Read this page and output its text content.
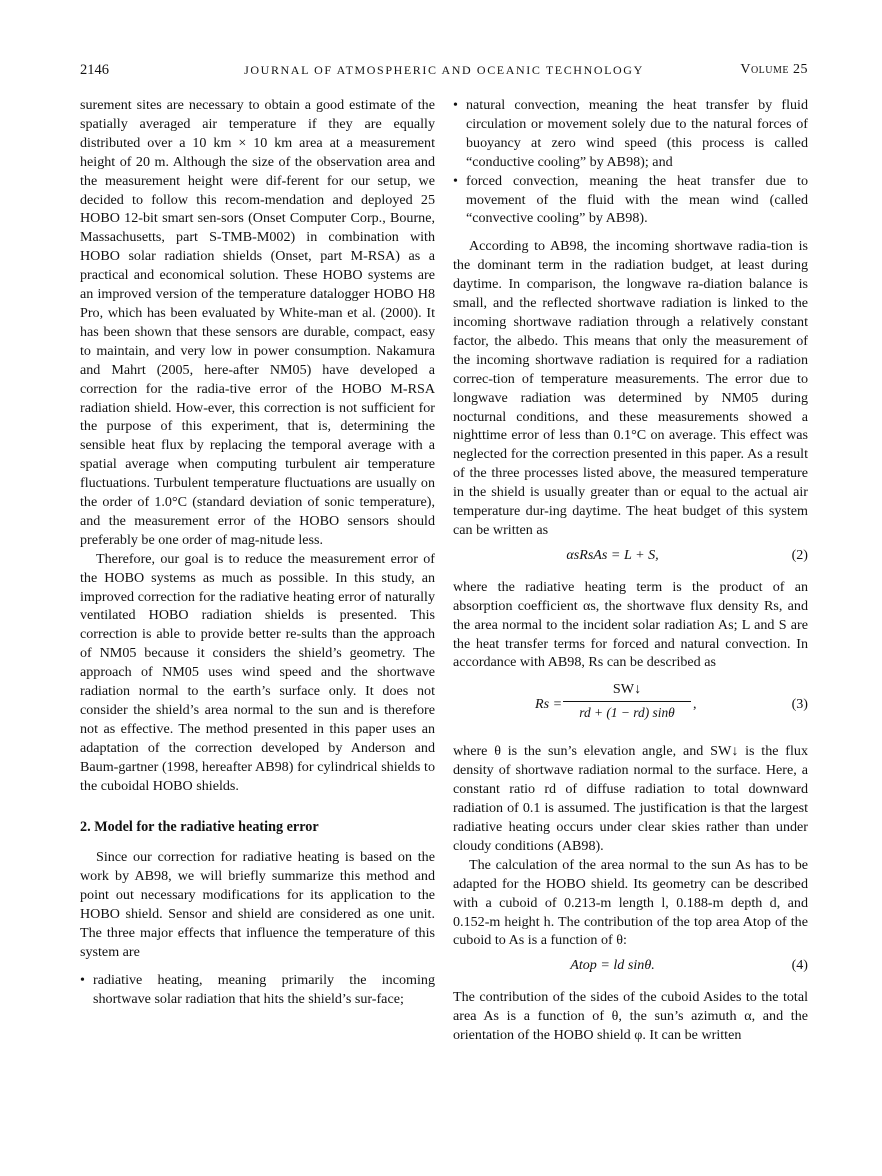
2146	JOURNAL OF ATMOSPHERIC AND OCEANIC TECHNOLOGY	Volume 25

surement sites are necessary to obtain a good estimate of the spatially averaged air temperature if they are equally distributed over a 10 km × 10 km area at a measurement height of 20 m. Although the size of the observation area and the measurement height were dif-ferent for our setup, we decided to follow this recom-mendation and deployed 25 HOBO 12-bit smart sen-sors (Onset Computer Corp., Bourne, Massachusetts, part S-TMB-M002) in combination with HOBO solar radiation shields (Onset, part M-RSA) as a practical and economical solution. These HOBO systems are an improved version of the temperature datalogger HOBO H8 Pro, which has been evaluated by White-man et al. (2000). It has been shown that these sensors are durable, compact, easy to maintain, and very low in power consumption. Nakamura and Mahrt (2005, here-after NM05) have developed a correction for the radia-tive error of the HOBO M-RSA radiation shield. How-ever, this correction is not sufficient for the purpose of this experiment, that is, determining the sensible heat flux by replacing the temporal average with a spatial average when computing turbulent air temperature fluctuations. Turbulent temperature fluctuations are usually on the order of 1.0°C (standard deviation of sonic temperature), and the measurement error of the HOBO sensors should preferably be one order of mag-nitude less.

Therefore, our goal is to reduce the measurement error of the HOBO systems as much as possible. In this study, an improved correction for the radiative heating error of naturally ventilated HOBO radiation shields is presented. This correction is able to provide better re-sults than the approach of NM05 because it considers the shield’s geometry. The approach of NM05 uses wind speed and the shortwave radiation normal to the earth’s surface only. It does not consider the shield’s area normal to the sun and is therefore not as effective. The method presented in this paper uses an adaptation of the correction developed by Anderson and Baum-gartner (1998, hereafter AB98) for cylindrical shields to the cuboidal HOBO shields.

2. Model for the radiative heating error

Since our correction for radiative heating is based on the work by AB98, we will briefly summarize this method and point out necessary modifications for its application to the HOBO shield. Sensor and shield are considered as one unit. The three major effects that influence the temperature of this system are

• radiative heating, meaning primarily the incoming shortwave solar radiation that hits the shield’s sur-face;
• natural convection, meaning the heat transfer by fluid circulation or movement solely due to the natural forces of buoyancy at zero wind speed (this process is called “conductive cooling” by AB98); and
• forced convection, meaning the heat transfer due to movement of the fluid with the mean wind (called “convective cooling” by AB98).

According to AB98, the incoming shortwave radia-tion is the dominant term in the radiation budget, at least during daytime. In comparison, the longwave ra-diation balance is small, and the reflected shortwave radiation is linked to the incoming shortwave radiation through a relatively constant factor, the albedo. This means that only the measurement of the incoming shortwave radiation is required for a radiation correc-tion of temperature measurements. The error due to longwave radiation was determined by NM05 during nocturnal conditions, and these measurements showed a nighttime error of less than 0.1°C on average. This effect was neglected for the correction presented in this paper. As a result of the three processes listed above, the measured temperature in the shield is usually greater than or equal to the actual air temperature dur-ing daytime. The heat budget of this system can be written as

αsRsAs = L + S,	(2)

where the radiative heating term is the product of an absorption coefficient αs, the shortwave flux density Rs, and the area normal to the incident solar radiation As; L and S are the heat transfer terms for forced and natural convection. In accordance with AB98, Rs can be described as

$Rs = \frac{SW↓}{rd + (1 - rd) \sin\theta}$ ,	(3)

where θ is the sun’s elevation angle, and SW↓ is the flux density of shortwave radiation normal to the surface. Here, a constant ratio rd of diffuse radiation to total downward radiation of 0.1 is assumed. The justification is that the largest radiative heating occurs under clear skies rather than under cloudy conditions (AB98).

The calculation of the area normal to the sun As has to be adapted for the HOBO shield. Its geometry can be described with a cuboid of 0.213-m length l, 0.188-m depth d, and 0.152-m height h. The contribution of the top area Atop of the cuboid to As is a function of θ:

Atop = ld sinθ.	(4)

The contribution of the sides of the cuboid Asides to the total area As is a function of θ, the sun’s azimuth α, and the orientation of the HOBO shield φ. It can be written
